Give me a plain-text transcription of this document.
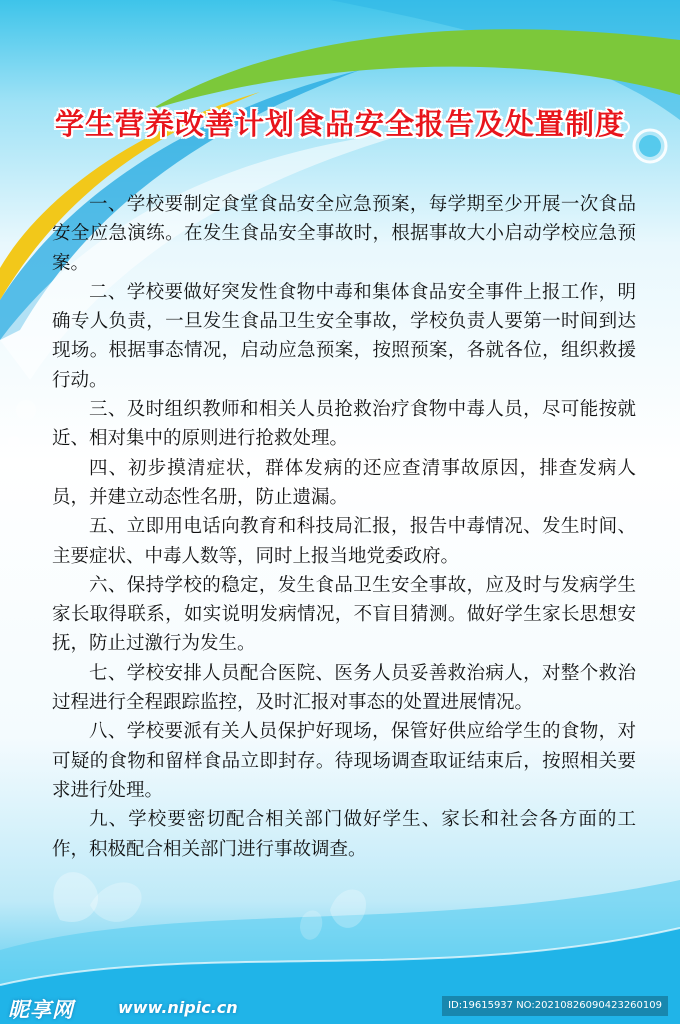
学生营养改善计划食品安全报告及处置制度

一、学校要制定食堂食品安全应急预案，每学期至少开展一次食品安全应急演练。在发生食品安全事故时，根据事故大小启动学校应急预案。

二、学校要做好突发性食物中毒和集体食品安全事件上报工作，明确专人负责，一旦发生食品卫生安全事故，学校负责人要第一时间到达现场。根据事态情况，启动应急预案，按照预案，各就各位，组织救援行动。

三、及时组织教师和相关人员抢救治疗食物中毒人员，尽可能按就近、相对集中的原则进行抢救处理。

四、初步摸清症状，群体发病的还应查清事故原因，排查发病人员，并建立动态性名册，防止遗漏。

五、立即用电话向教育和科技局汇报，报告中毒情况、发生时间、主要症状、中毒人数等，同时上报当地党委政府。

六、保持学校的稳定，发生食品卫生安全事故，应及时与发病学生家长取得联系，如实说明发病情况，不盲目猜测。做好学生家长思想安抚，防止过激行为发生。

七、学校安排人员配合医院、医务人员妥善救治病人，对整个救治过程进行全程跟踪监控，及时汇报对事态的处置进展情况。

八、学校要派有关人员保护好现场，保管好供应给学生的食物，对可疑的食物和留样食品立即封存。待现场调查取证结束后，按照相关要求进行处理。

九、学校要密切配合相关部门做好学生、家长和社会各方面的工作，积极配合相关部门进行事故调查。

昵享网	www.nipic.cn	ID:19615937 NO:20210826090423260109
